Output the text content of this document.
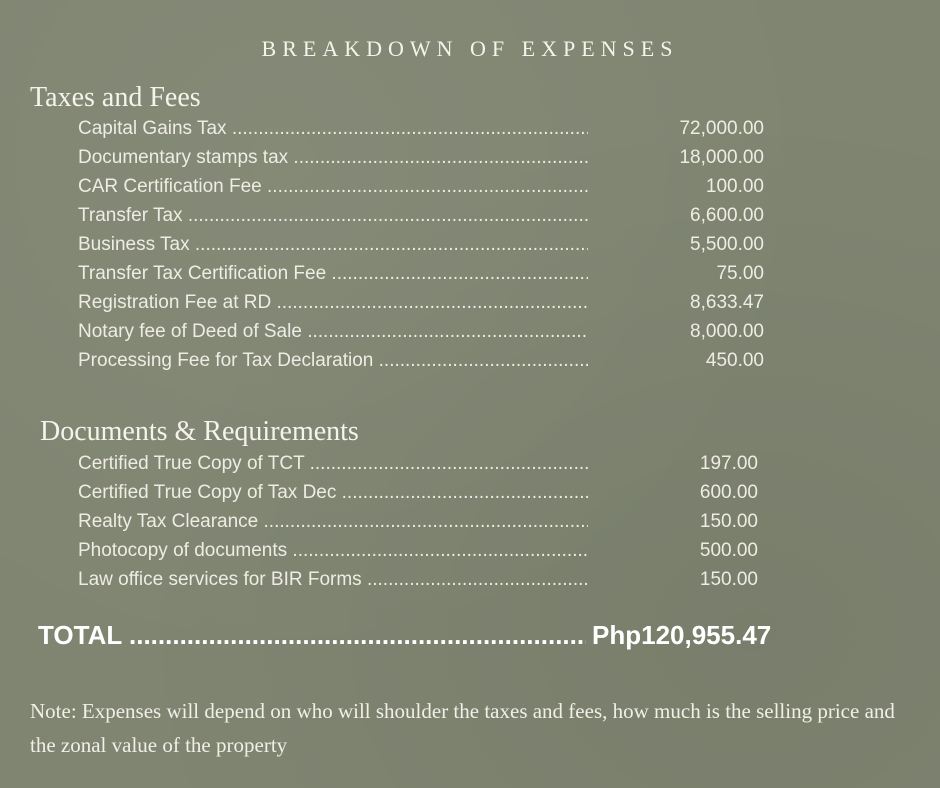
BREAKDOWN OF EXPENSES
Taxes and Fees
Capital Gains Tax .....	72,000.00
Documentary stamps tax .....	18,000.00
CAR Certification Fee .....	100.00
Transfer Tax .....	6,600.00
Business Tax .....	5,500.00
Transfer Tax Certification Fee .....	75.00
Registration Fee at RD .....	8,633.47
Notary fee of Deed of Sale .....	8,000.00
Processing Fee for Tax Declaration .....	450.00
Documents & Requirements
Certified True Copy of TCT .....	197.00
Certified True Copy of Tax Dec .....	600.00
Realty Tax Clearance .....	150.00
Photocopy of documents .....	500.00
Law office services for BIR Forms .....	150.00
TOTAL .....	Php120,955.47
Note: Expenses will depend on who will shoulder the taxes and fees, how much is the selling price and the zonal value of the property
